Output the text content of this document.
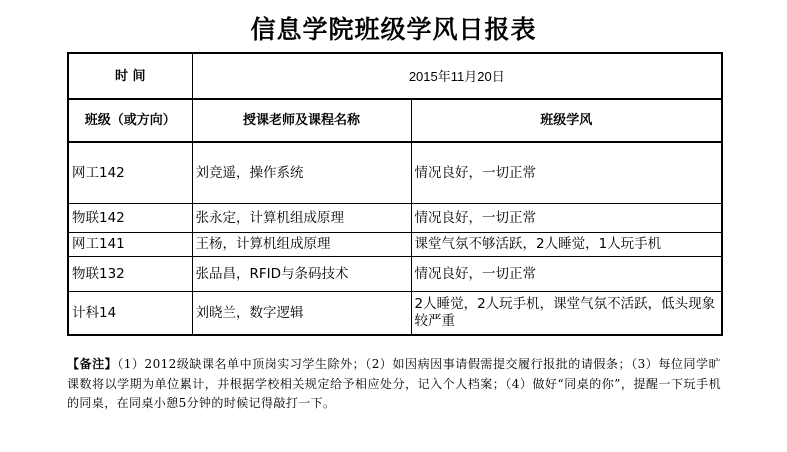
信息学院班级学风日报表
时 间	2015年11月20日	
班级（或方向）	授课老师及课程名称	班级学风
网工142	刘竞遥，操作系统	情况良好，一切正常
物联142	张永定，计算机组成原理	情况良好，一切正常
网工141	王杨，计算机组成原理	课堂气氛不够活跃，2人睡觉，1人玩手机
物联132	张品昌，RFID与条码技术	情况良好，一切正常
计科14	刘晓兰，数字逻辑	2人睡觉，2人玩手机，课堂气氛不活跃，低头现象较严重
【备注】（1）2012级缺课名单中顶岗实习学生除外；（2）如因病因事请假需提交履行报批的请假条；（3）每位同学旷课数将以学期为单位累计，并根据学校相关规定给予相应处分，记入个人档案；（4）做好“同桌的你”，提醒一下玩手机的同桌，在同桌小憩5分钟的时候记得敲打一下。
